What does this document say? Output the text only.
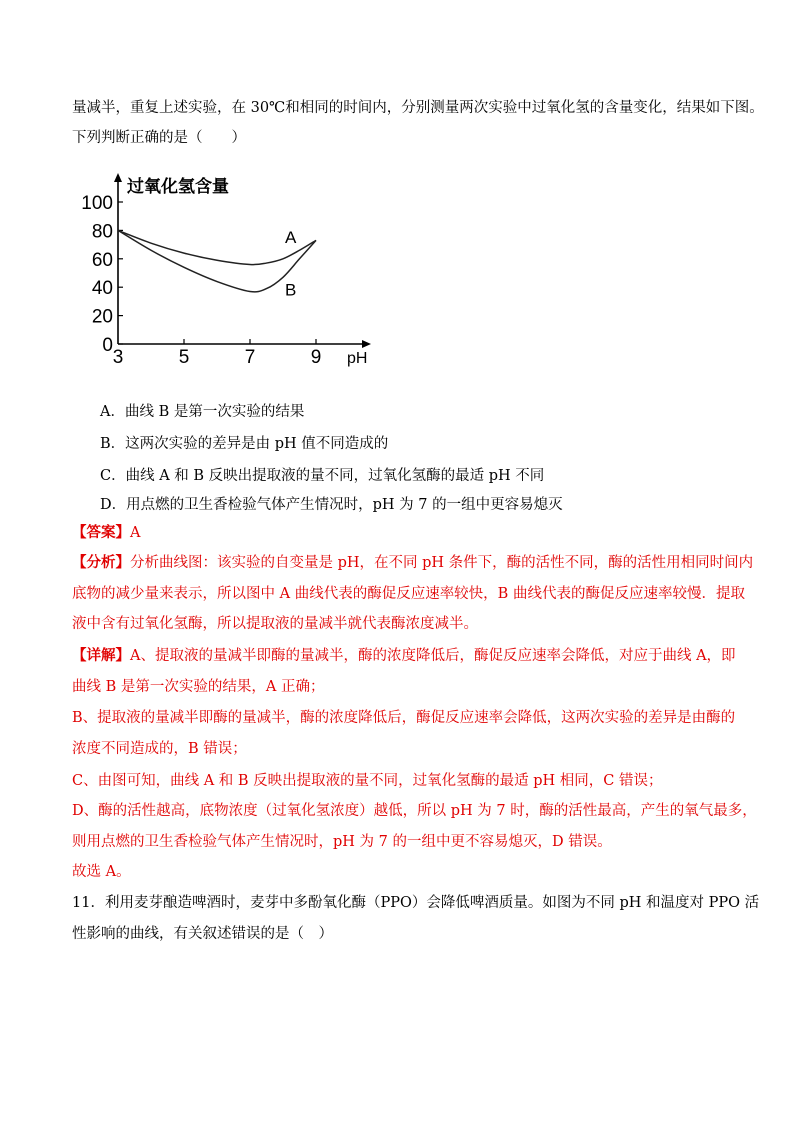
量减半，重复上述实验，在 30℃和相同的时间内，分别测量两次实验中过氧化氢的含量变化，结果如下图。
下列判断正确的是（　　）
过氧化氢含量
0
20
40
60
80
100
3	5	7	9 pH
A
B
A．曲线 B 是第一次实验的结果
B．这两次实验的差异是由 pH 值不同造成的
C．曲线 A 和 B 反映出提取液的量不同，过氧化氢酶的最适 pH 不同
D．用点燃的卫生香检验气体产生情况时，pH 为 7 的一组中更容易熄灭
【答案】A
【分析】分析曲线图：该实验的自变量是 pH，在不同 pH 条件下，酶的活性不同，酶的活性用相同时间内
底物的减少量来表示，所以图中 A 曲线代表的酶促反应速率较快，B 曲线代表的酶促反应速率较慢．提取
液中含有过氧化氢酶，所以提取液的量减半就代表酶浓度减半。
【详解】A、提取液的量减半即酶的量减半，酶的浓度降低后，酶促反应速率会降低，对应于曲线 A，即
曲线 B 是第一次实验的结果，A 正确；
B、提取液的量减半即酶的量减半，酶的浓度降低后，酶促反应速率会降低，这两次实验的差异是由酶的
浓度不同造成的，B 错误；
C、由图可知，曲线 A 和 B 反映出提取液的量不同，过氧化氢酶的最适 pH 相同，C 错误；
D、酶的活性越高，底物浓度（过氧化氢浓度）越低，所以 pH 为 7 时，酶的活性最高，产生的氧气最多，
则用点燃的卫生香检验气体产生情况时，pH 为 7 的一组中更不容易熄灭，D 错误。
故选 A。
11．利用麦芽酿造啤酒时，麦芽中多酚氧化酶（PPO）会降低啤酒质量。如图为不同 pH 和温度对 PPO 活
性影响的曲线，有关叙述错误的是（　）
